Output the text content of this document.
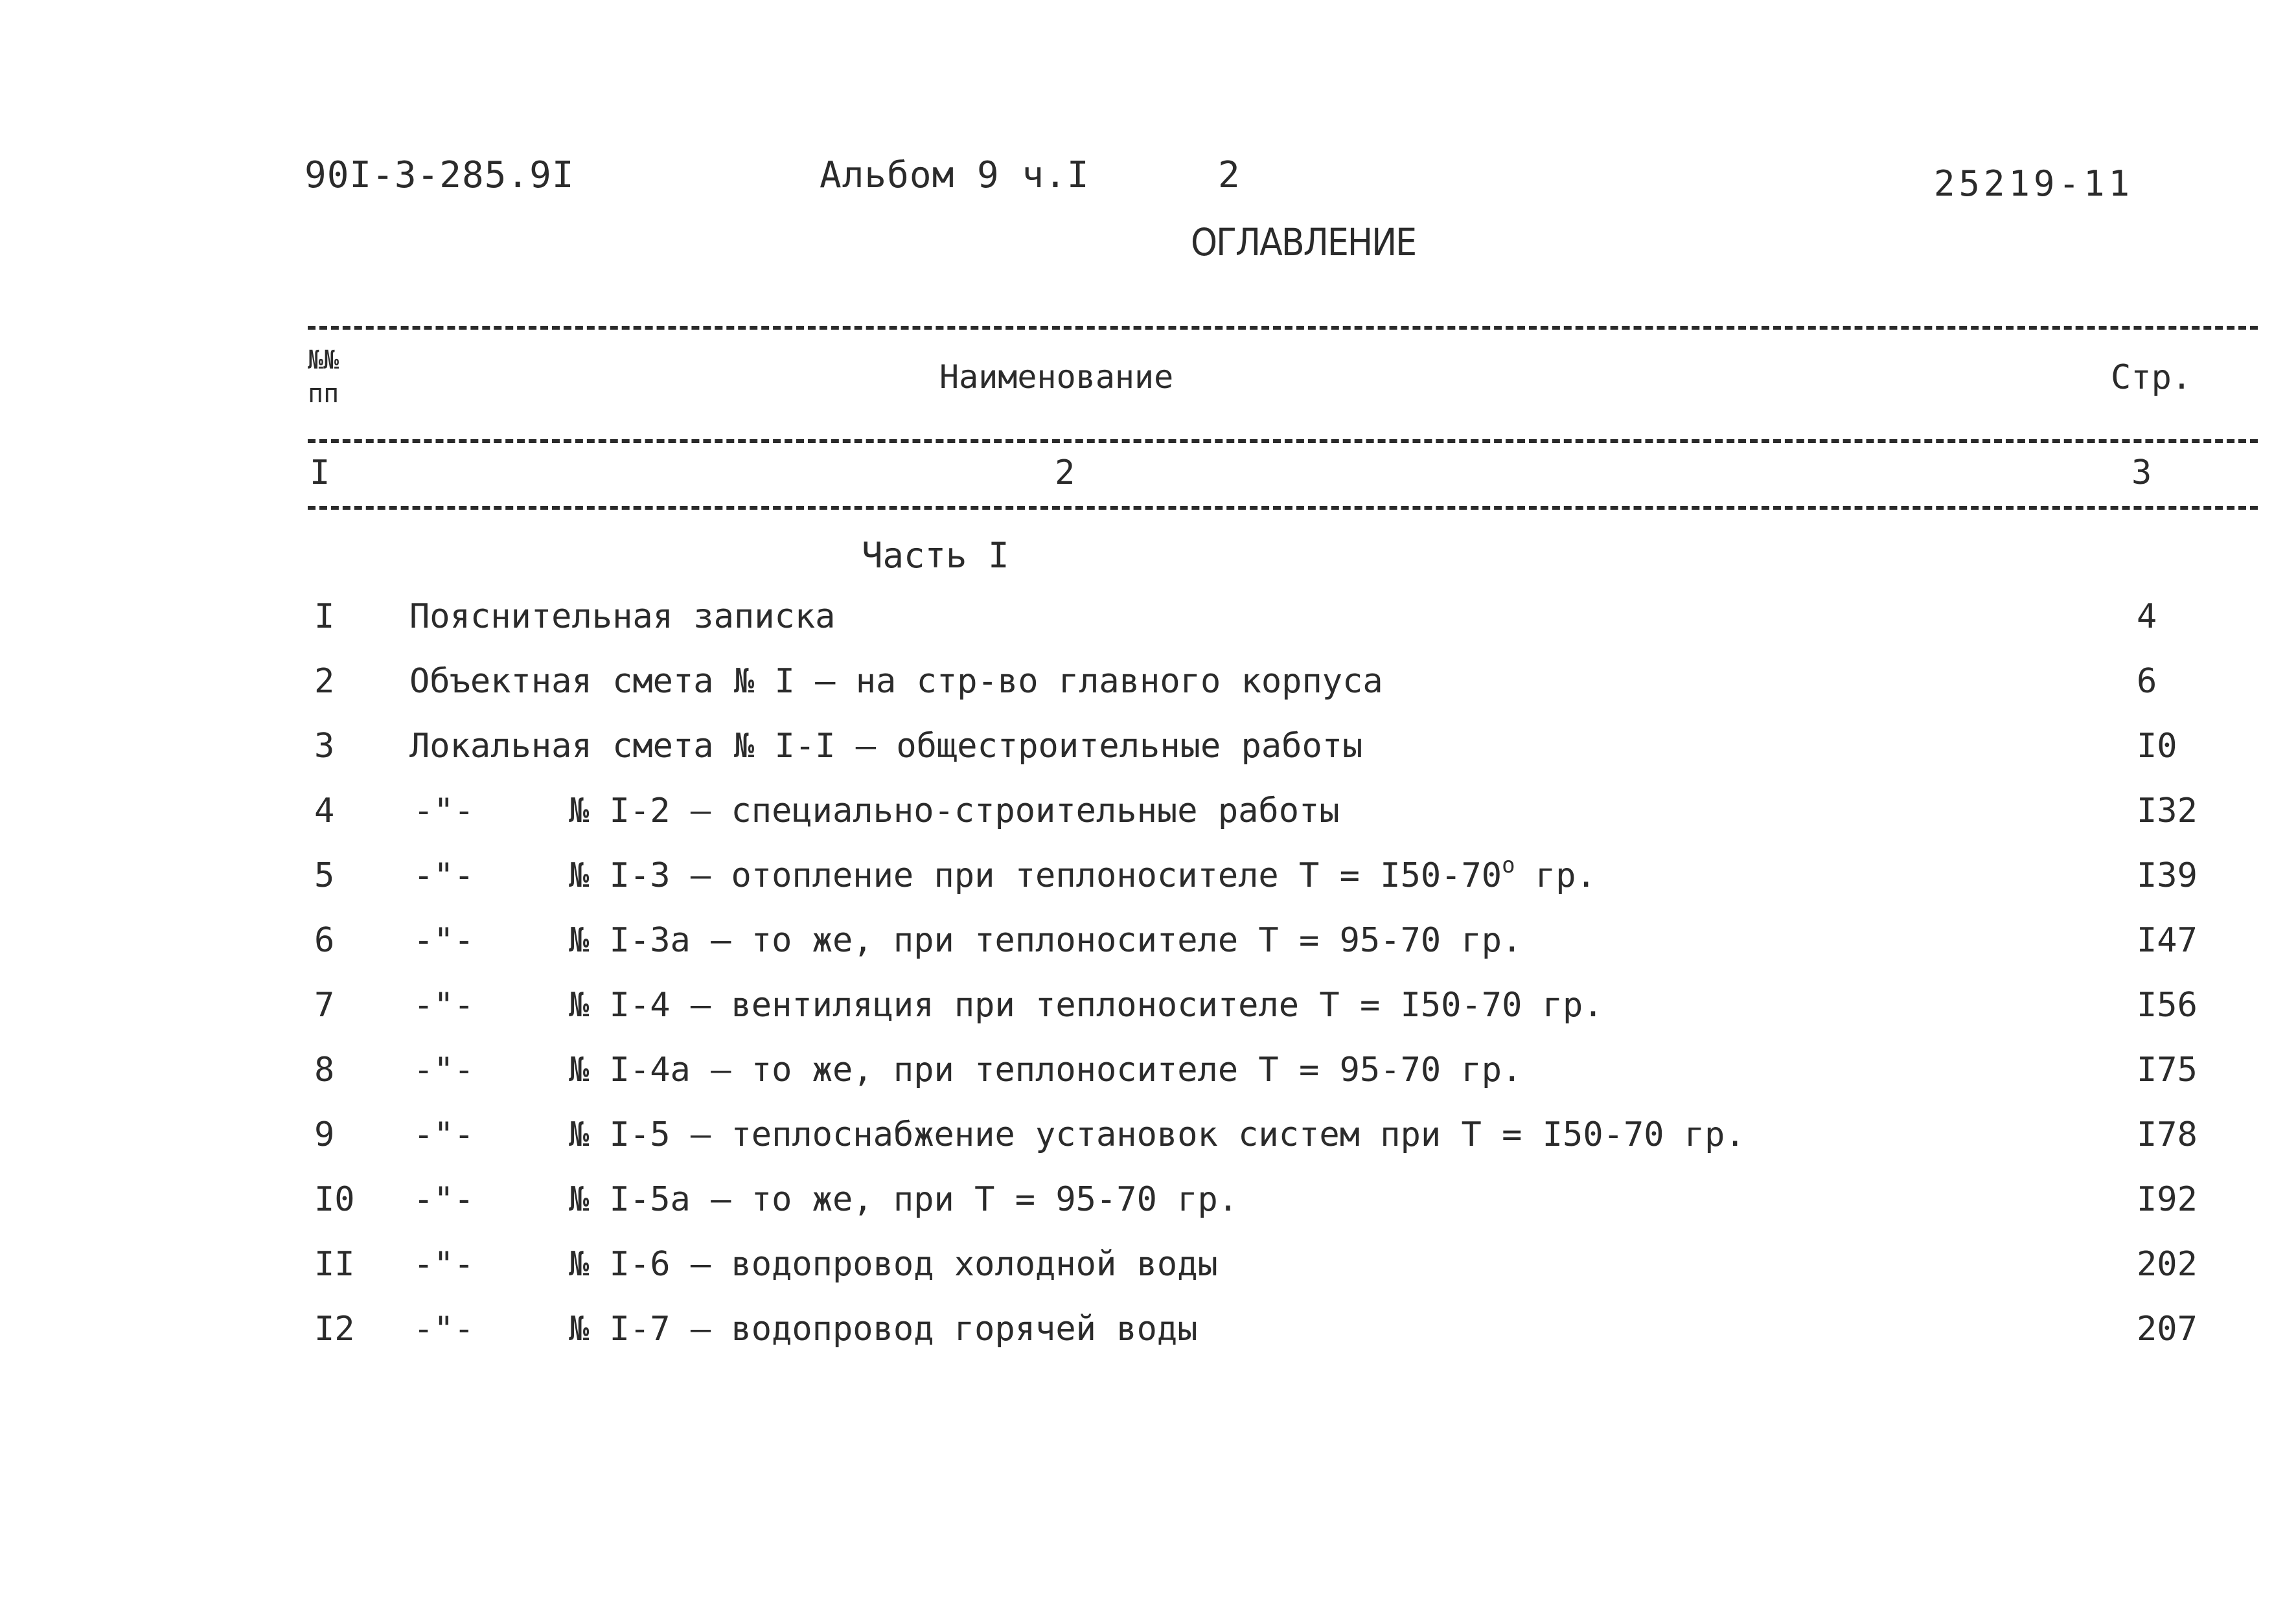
90I-3-285.9I	Альбом 9 ч.I	2	25219-11
ОГЛАВЛЕНИЕ
№№
пп	Наименование	Стр.
I	2	3
Часть I
I Пояснительная записка	4
2 Объектная смета № I – на стр-во главного корпуса	6
3 Локальная смета № I-I – общестроительные работы	I0
4 -"-	№ I-2 – специально-строительные работы	I32
5 -"-	№ I-3 – отопление при теплоносителе $Т = I50-70^o$ гр.	I39
6 -"-	№ I-3а – то же, при теплоносителе Т = 95-70 гр.	I47
7 -"-	№ I-4 – вентиляция при теплоносителе Т = I50-70 гр.	I56
8 -"-	№ I-4а – то же, при теплоносителе Т = 95-70 гр.	I75
9 -"-	№ I-5 – теплоснабжение установок систем при Т = I50-70 гр.	I78
I0 -"-	№ I-5а – то же, при Т = 95-70 гр.	I92
II -"-	№ I-6 – водопровод холодной воды	202
I2 -"-	№ I-7 – водопровод горячей воды	207
